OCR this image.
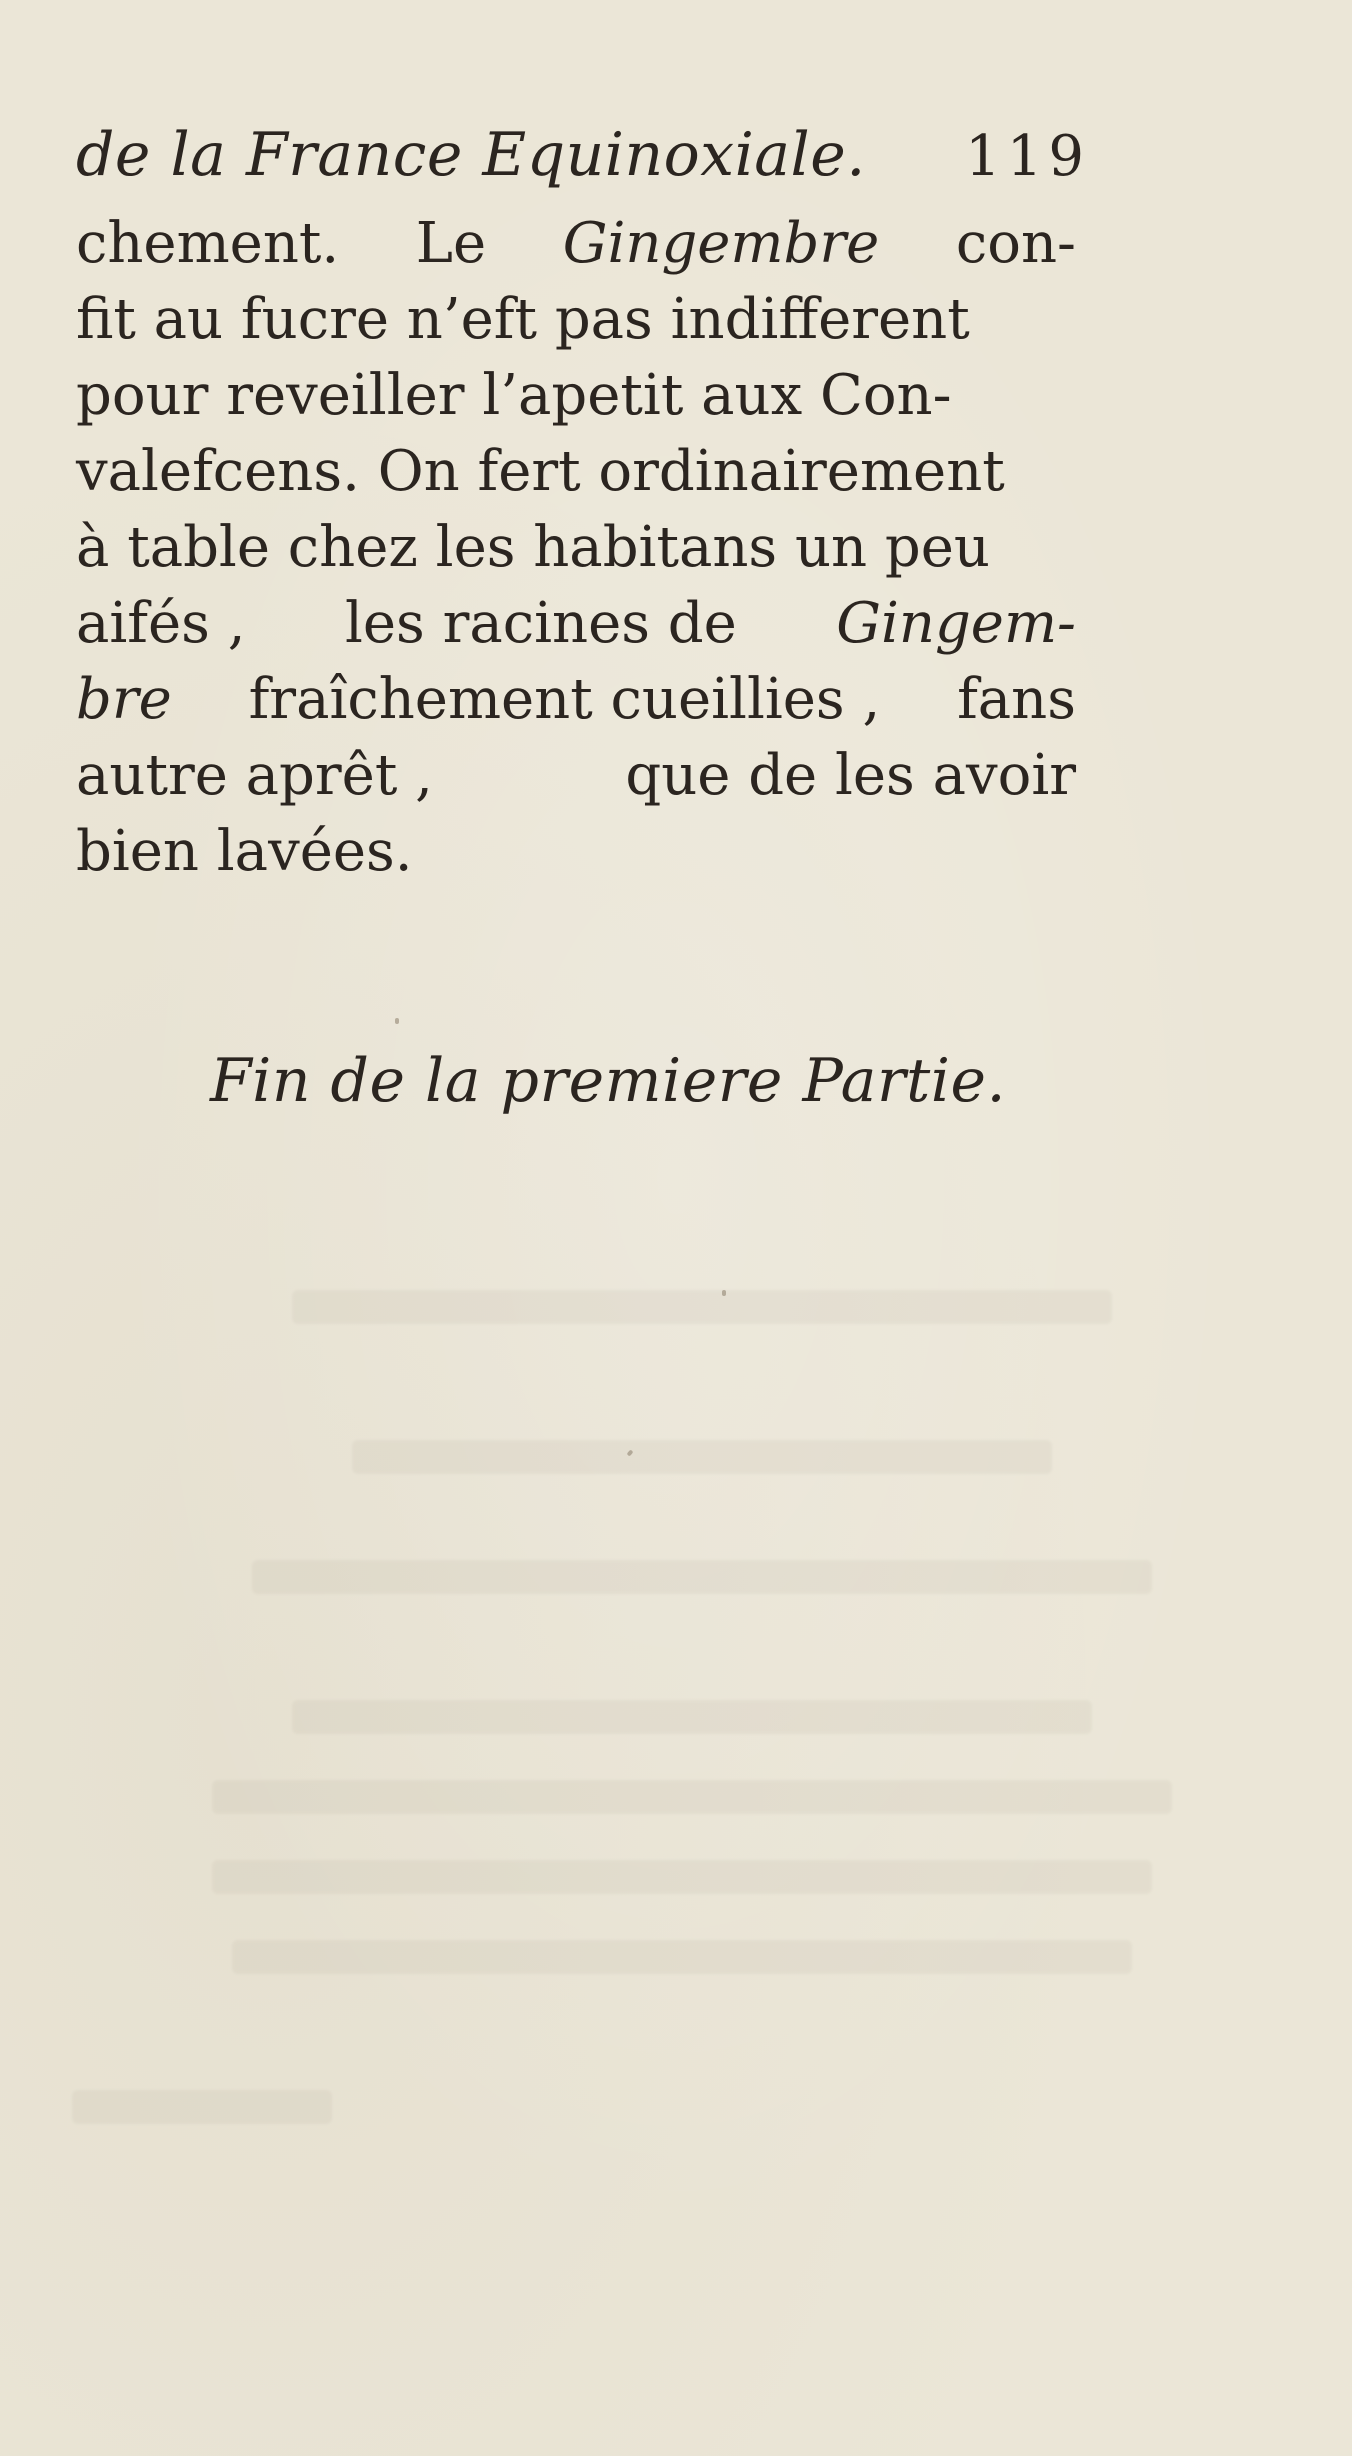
de la France Equinoxiale. 119
chement. Le Gingembre con-
fit au fucre n’eft pas indifferent
pour reveiller l’apetit aux Con-
valefcens. On fert ordinairement
à table chez les habitans un peu
aifés , les racines de Gingem-
bre fraîchement cueillies , fans
autre aprêt ,	que de les avoir
bien lavées.
Fin de la premiere Partie.
